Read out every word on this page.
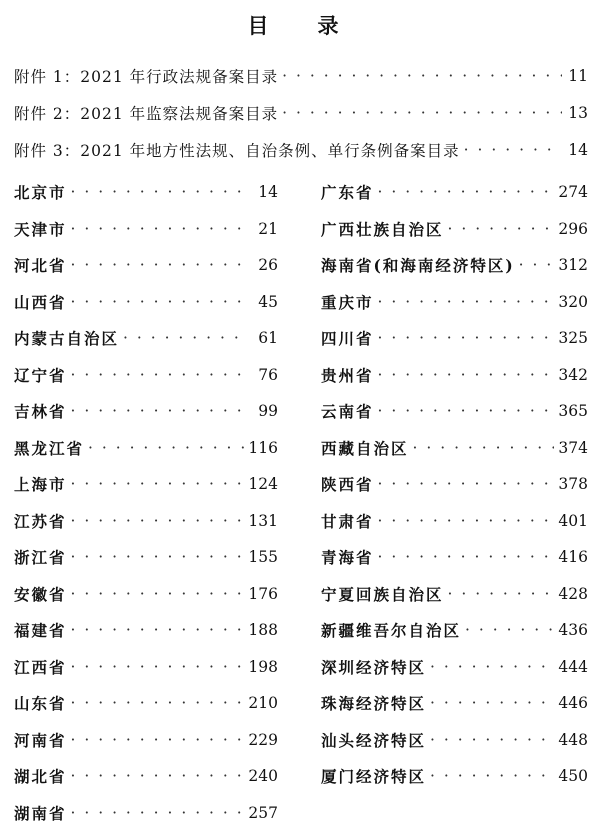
目　录
附件 1：2021 年行政法规备案目录 · · ·	11
附件 2：2021 年监察法规备案目录 · · ·	13
附件 3：2021 年地方性法规、自治条例、单行条例备案目录 · · ·	14
北京市 · · ·	14
天津市 · · ·	21
河北省 · · ·	26
山西省 · · ·	45
内蒙古自治区 · · ·	61
辽宁省 · · ·	76
吉林省 · · ·	99
黑龙江省 · · ·	116
上海市 · · ·	124
江苏省 · · ·	131
浙江省 · · ·	155
安徽省 · · ·	176
福建省 · · ·	188
江西省 · · ·	198
山东省 · · ·	210
河南省 · · ·	229
湖北省 · · ·	240
湖南省 · · ·	257
广东省 · · ·	274
广西壮族自治区 · · ·	296
海南省(和海南经济特区) · · ·	312
重庆市 · · ·	320
四川省 · · ·	325
贵州省 · · ·	342
云南省 · · ·	365
西藏自治区 · · ·	374
陕西省 · · ·	378
甘肃省 · · ·	401
青海省 · · ·	416
宁夏回族自治区 · · ·	428
新疆维吾尔自治区 · · ·	436
深圳经济特区 · · ·	444
珠海经济特区 · · ·	446
汕头经济特区 · · ·	448
厦门经济特区 · · ·	450
